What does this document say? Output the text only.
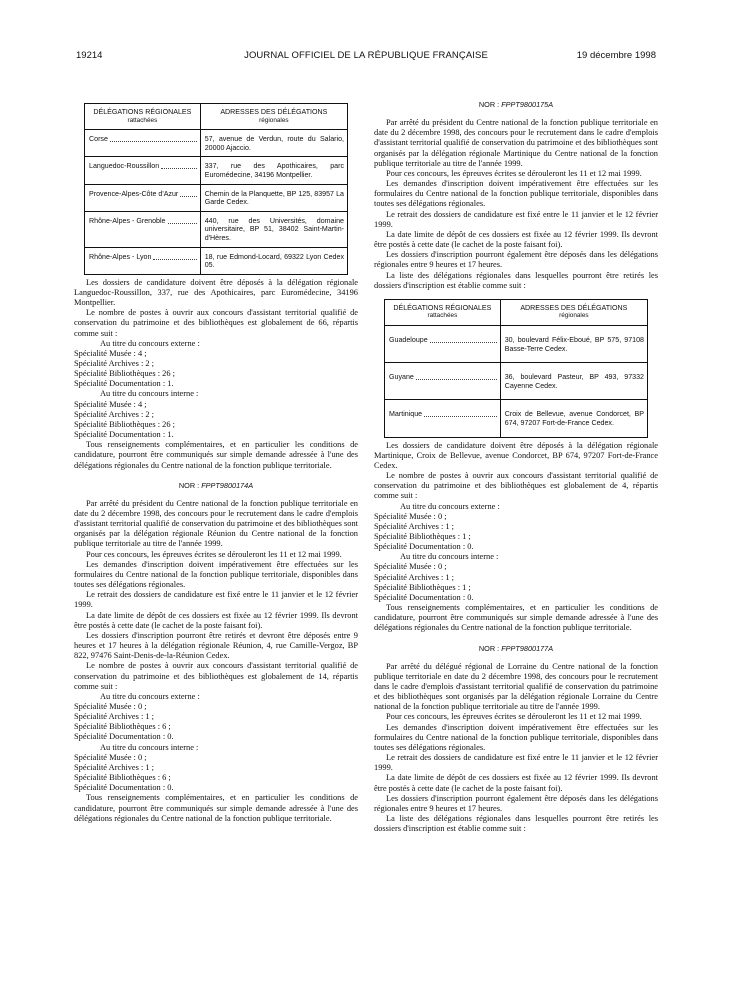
19214	JOURNAL OFFICIEL DE LA RÉPUBLIQUE FRANÇAISE	19 décembre 1998
DÉLÉGATIONS RÉGIONALES
rattachées	ADRESSES DES DÉLÉGATIONS
régionales

Corse	57, avenue de Verdun, route du Salario, 20000 Ajaccio.

Languedoc-Roussillon	337, rue des Apothicaires, parc Euromédecine, 34196 Montpellier.

Provence-Alpes-Côte d'Azur	Chemin de la Planquette, BP 125, 83957 La Garde Cedex.

Rhône-Alpes - Grenoble	440, rue des Universités, domaine universitaire, BP 51, 38402 Saint-Martin-d'Hères.

Rhône-Alpes - Lyon	18, rue Edmond-Locard, 69322 Lyon Cedex 05.

Les dossiers de candidature doivent être déposés à la délégation régionale Languedoc-Roussillon, 337, rue des Apothicaires, parc Euromédecine, 34196 Montpellier.

Le nombre de postes à ouvrir aux concours d'assistant territorial qualifié de conservation du patrimoine et des bibliothèques est globalement de 66, répartis comme suit :

Au titre du concours externe :

Spécialité Musée : 4 ;

Spécialité Archives : 2 ;

Spécialité Bibliothèques : 26 ;

Spécialité Documentation : 1.

Au titre du concours interne :

Spécialité Musée : 4 ;

Spécialité Archives : 2 ;

Spécialité Bibliothèques : 26 ;

Spécialité Documentation : 1.

Tous renseignements complémentaires, et en particulier les conditions de candidature, pourront être communiqués sur simple demande adressée à l'une des délégations régionales du Centre national de la fonction publique territoriale.

NOR : FPPT9800174A

Par arrêté du président du Centre national de la fonction publique territoriale en date du 2 décembre 1998, des concours pour le recrutement dans le cadre d'emplois d'assistant territorial qualifié de conservation du patrimoine et des bibliothèques sont organisés par la délégation régionale Réunion du Centre national de la fonction publique territoriale au titre de l'année 1999.

Pour ces concours, les épreuves écrites se dérouleront les 11 et 12 mai 1999.

Les demandes d'inscription doivent impérativement être effectuées sur les formulaires du Centre national de la fonction publique territoriale, disponibles dans toutes ses délégations régionales.

Le retrait des dossiers de candidature est fixé entre le 11 janvier et le 12 février 1999.

La date limite de dépôt de ces dossiers est fixée au 12 février 1999. Ils devront être postés à cette date (le cachet de la poste faisant foi).

Les dossiers d'inscription pourront être retirés et devront être déposés entre 9 heures et 17 heures à la délégation régionale Réunion, 4, rue Camille-Vergoz, BP 822, 97476 Saint-Denis-de-la-Réunion Cedex.

Le nombre de postes à ouvrir aux concours d'assistant territorial qualifié de conservation du patrimoine et des bibliothèques est globalement de 14, répartis comme suit :

Au titre du concours externe :

Spécialité Musée : 0 ;

Spécialité Archives : 1 ;

Spécialité Bibliothèques : 6 ;

Spécialité Documentation : 0.

Au titre du concours interne :

Spécialité Musée : 0 ;

Spécialité Archives : 1 ;

Spécialité Bibliothèques : 6 ;

Spécialité Documentation : 0.

Tous renseignements complémentaires, et en particulier les conditions de candidature, pourront être communiqués sur simple demande adressée à l'une des délégations régionales du Centre national de la fonction publique territoriale.

NOR : FPPT9800175A

Par arrêté du président du Centre national de la fonction publique territoriale en date du 2 décembre 1998, des concours pour le recrutement dans le cadre d'emplois d'assistant territorial qualifié de conservation du patrimoine et des bibliothèques sont organisés par la délégation régionale Martinique du Centre national de la fonction publique territoriale au titre de l'année 1999.

Pour ces concours, les épreuves écrites se dérouleront les 11 et 12 mai 1999.

Les demandes d'inscription doivent impérativement être effectuées sur les formulaires du Centre national de la fonction publique territoriale, disponibles dans toutes ses délégations régionales.

Le retrait des dossiers de candidature est fixé entre le 11 janvier et le 12 février 1999.

La date limite de dépôt de ces dossiers est fixée au 12 février 1999. Ils devront être postés à cette date (le cachet de la poste faisant foi).

Les dossiers d'inscription pourront également être déposés dans les délégations régionales entre 9 heures et 17 heures.

La liste des délégations régionales dans lesquelles pourront être retirés les dossiers d'inscription est établie comme suit :

DÉLÉGATIONS RÉGIONALES
rattachées	ADRESSES DES DÉLÉGATIONS
régionales

Guadeloupe	30, boulevard Félix-Eboué, BP 575, 97108 Basse-Terre Cedex.

Guyane	36, boulevard Pasteur, BP 493, 97332 Cayenne Cedex.

Martinique	Croix de Bellevue, avenue Condorcet, BP 674, 97207 Fort-de-France Cedex.

Les dossiers de candidature doivent être déposés à la délégation régionale Martinique, Croix de Bellevue, avenue Condorcet, BP 674, 97207 Fort-de-France Cedex.

Le nombre de postes à ouvrir aux concours d'assistant territorial qualifié de conservation du patrimoine et des bibliothèques est globalement de 4, répartis comme suit :

Au titre du concours externe :

Spécialité Musée : 0 ;

Spécialité Archives : 1 ;

Spécialité Bibliothèques : 1 ;

Spécialité Documentation : 0.

Au titre du concours interne :

Spécialité Musée : 0 ;

Spécialité Archives : 1 ;

Spécialité Bibliothèques : 1 ;

Spécialité Documentation : 0.

Tous renseignements complémentaires, et en particulier les conditions de candidature, pourront être communiqués sur simple demande adressée à l'une des délégations régionales du Centre national de la fonction publique territoriale.

NOR : FPPT9800177A

Par arrêté du délégué régional de Lorraine du Centre national de la fonction publique territoriale en date du 2 décembre 1998, des concours pour le recrutement dans le cadre d'emplois d'assistant territorial qualifié de conservation du patrimoine et des bibliothèques sont organisés par la délégation régionale Lorraine du Centre national de la fonction publique territoriale au titre de l'année 1999.

Pour ces concours, les épreuves écrites se dérouleront les 11 et 12 mai 1999.

Les demandes d'inscription doivent impérativement être effectuées sur les formulaires du Centre national de la fonction publique territoriale, disponibles dans toutes ses délégations régionales.

Le retrait des dossiers de candidature est fixé entre le 11 janvier et le 12 février 1999.

La date limite de dépôt de ces dossiers est fixée au 12 février 1999. Ils devront être postés à cette date (le cachet de la poste faisant foi).

Les dossiers d'inscription pourront également être déposés dans les délégations régionales entre 9 heures et 17 heures.

La liste des délégations régionales dans lesquelles pourront être retirés les dossiers d'inscription est établie comme suit :
